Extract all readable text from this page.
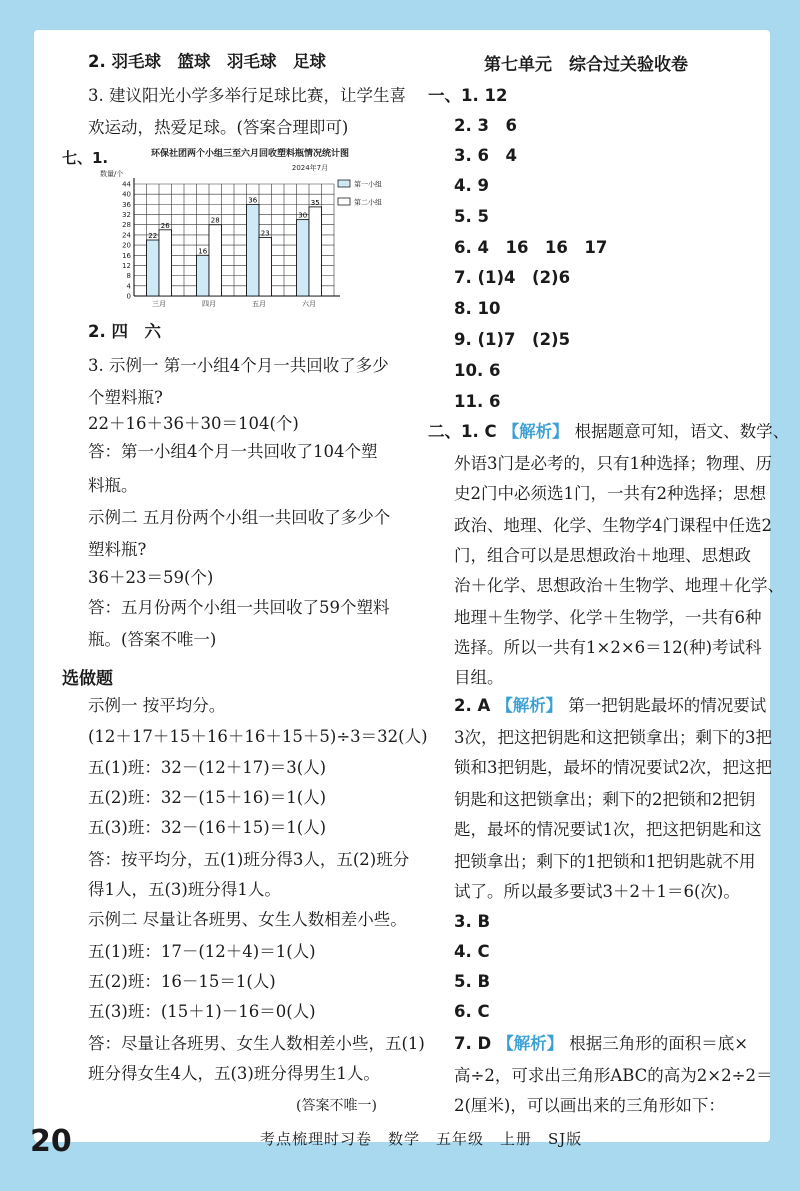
2. 羽毛球　篮球　羽毛球　足球
3. 建议阳光小学多举行足球比赛，让学生喜
欢运动，热爱足球。(答案合理即可)
七、1.	环保社团两个小组三至六月回收塑料瓶情况统计图
2024年7月
数量/个
0
4
8
12
16
20
24
28
32
36
40
44
22
26
三月
16
28
四月
36
23
五月
30
35
六月
第一小组
第二小组
2. 四　六
3. 示例一 第一小组4个月一共回收了多少
个塑料瓶?
22＋16＋36＋30＝104(个)
答：第一小组4个月一共回收了104个塑
料瓶。
示例二 五月份两个小组一共回收了多少个
塑料瓶?
36＋23＝59(个)
答：五月份两个小组一共回收了59个塑料
瓶。(答案不唯一)
选做题
示例一 按平均分。
(12＋17＋15＋16＋16＋15＋5)÷3＝32(人)
五(1)班：32－(12＋17)＝3(人)
五(2)班：32－(15＋16)＝1(人)
五(3)班：32－(16＋15)＝1(人)
答：按平均分，五(1)班分得3人，五(2)班分
得1人，五(3)班分得1人。
示例二 尽量让各班男、女生人数相差小些。
五(1)班：17－(12＋4)＝1(人)
五(2)班：16－15＝1(人)
五(3)班：(15＋1)－16＝0(人)
答：尽量让各班男、女生人数相差小些，五(1)
班分得女生4人，五(3)班分得男生1人。
(答案不唯一)
第七单元　综合过关验收卷
一、1. 12
2. 3　6
3. 6　4
4. 9
5. 5
6. 4　16　16　17
7. (1)4　(2)6
8. 10
9. (1)7　(2)5
10. 6
11. 6
二、1. C 【解析】 根据题意可知，语文、数学、
外语3门是必考的，只有1种选择；物理、历
史2门中必须选1门，一共有2种选择；思想
政治、地理、化学、生物学4门课程中任选2
门，组合可以是思想政治＋地理、思想政
治＋化学、思想政治＋生物学、地理＋化学、
地理＋生物学、化学＋生物学，一共有6种
选择。所以一共有1×2×6＝12(种)考试科
目组。
2. A 【解析】 第一把钥匙最坏的情况要试
3次，把这把钥匙和这把锁拿出；剩下的3把
锁和3把钥匙，最坏的情况要试2次，把这把
钥匙和这把锁拿出；剩下的2把锁和2把钥
匙，最坏的情况要试1次，把这把钥匙和这
把锁拿出；剩下的1把锁和1把钥匙就不用
试了。所以最多要试3＋2＋1＝6(次)。
3. B
4. C
5. B
6. C
7. D 【解析】 根据三角形的面积＝底×
高÷2，可求出三角形ABC的高为2×2÷2＝
2(厘米)，可以画出来的三角形如下：
20	考点梳理时习卷　数学　五年级　上册　SJ版
